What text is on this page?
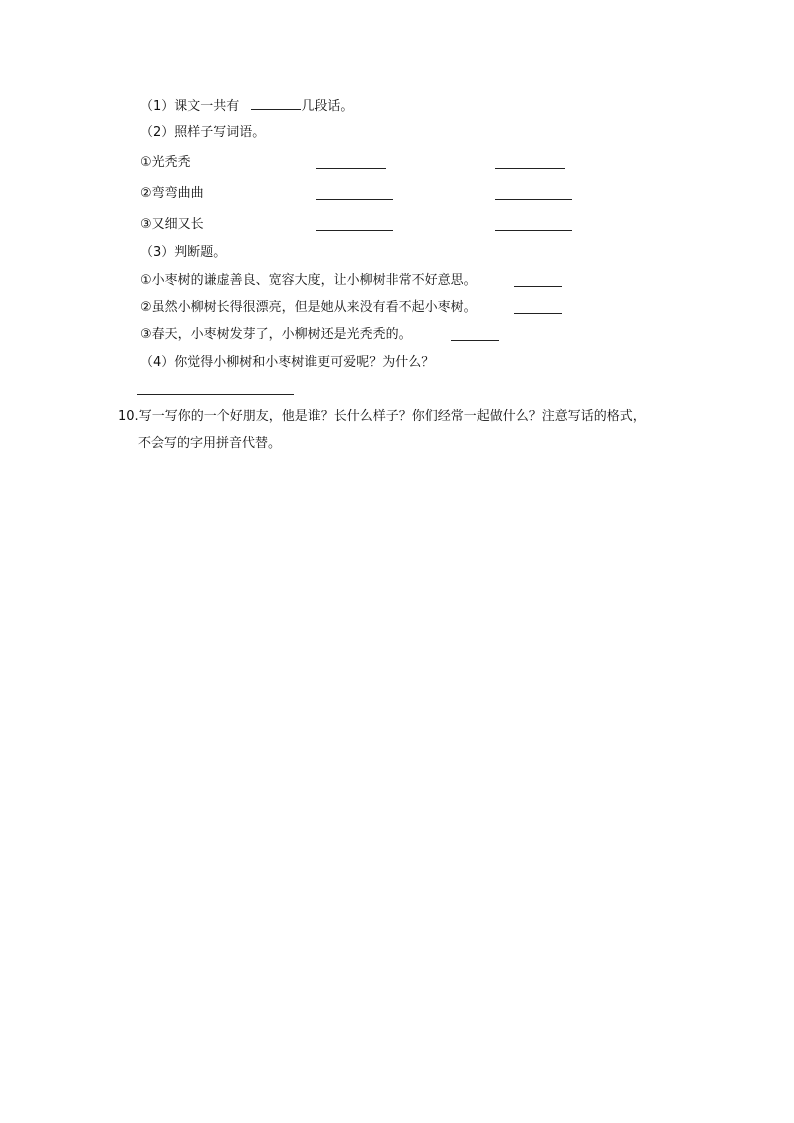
（1）课文一共有	几段话。
（2）照样子写词语。
①光秃秃
②弯弯曲曲
③又细又长
（3）判断题。
①小枣树的谦虚善良、宽容大度，让小柳树非常不好意思。
②虽然小柳树长得很漂亮，但是她从来没有看不起小枣树。
③春天，小枣树发芽了，小柳树还是光秃秃的。
（4）你觉得小柳树和小枣树谁更可爱呢？为什么？
10.写一写你的一个好朋友，他是谁？长什么样子？你们经常一起做什么？注意写话的格式，
不会写的字用拼音代替。
